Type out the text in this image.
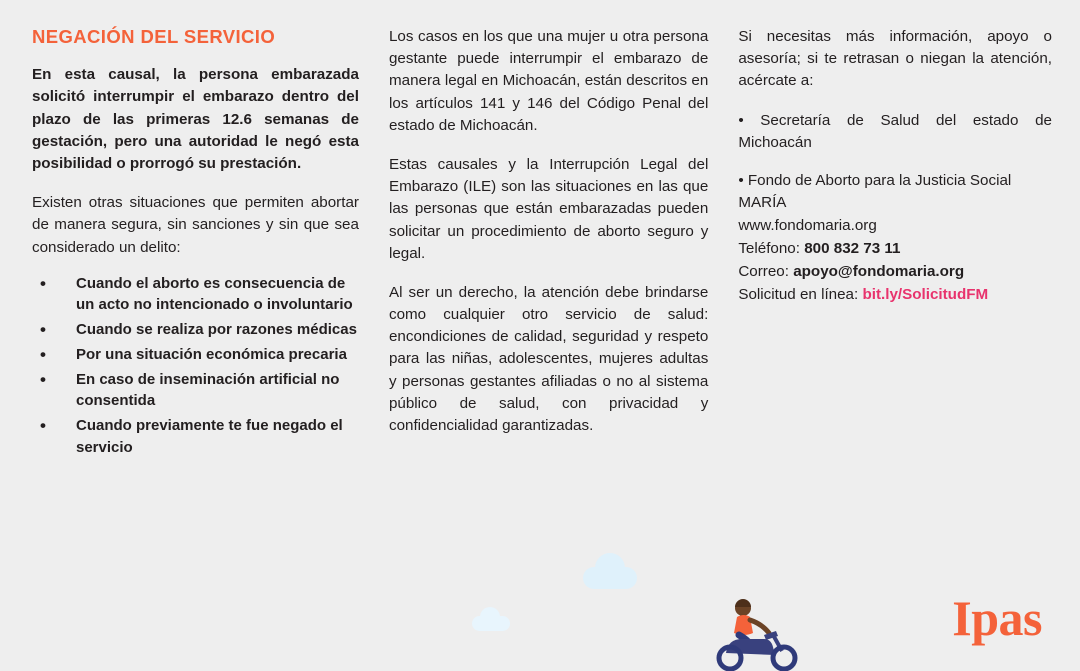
NEGACIÓN DEL SERVICIO

En esta causal, la persona embarazada solicitó interrumpir el embarazo dentro del plazo de las primeras 12.6 semanas de gestación, pero una autoridad le negó esta posibilidad o prorrogó su prestación.

Existen otras situaciones que permiten abortar de manera segura, sin sanciones y sin que sea considerado un delito:

• Cuando el aborto es consecuencia de un acto no intencionado o involuntario
• Cuando se realiza por razones médicas
• Por una situación económica precaria
• En caso de inseminación artificial no consentida
• Cuando previamente te fue negado el servicio

Los casos en los que una mujer u otra persona gestante puede interrumpir el embarazo de manera legal en Michoacán, están descritos en los artículos 141 y 146 del Código Penal del estado de Michoacán.

Estas causales y la Interrupción Legal del Embarazo (ILE) son las situaciones en las que las personas que están embarazadas pueden solicitar un procedimiento de aborto seguro y legal.

Al ser un derecho, la atención debe brindarse como cualquier otro servicio de salud: encondiciones de calidad, seguridad y respeto para las niñas, adolescentes, mujeres adultas y personas gestantes afiliadas o no al sistema público de salud, con privacidad y confidencialidad garantizadas.

Si necesitas más información, apoyo o asesoría; si te retrasan o niegan la atención, acércate a:

• Secretaría de Salud del estado de Michoacán
• Fondo de Aborto para la Justicia Social MARÍA
www.fondomaria.org
Teléfono: 800 832 73 11
Correo: apoyo@fondomaria.org
Solicitud en línea: bit.ly/SolicitudFM
Ipas
